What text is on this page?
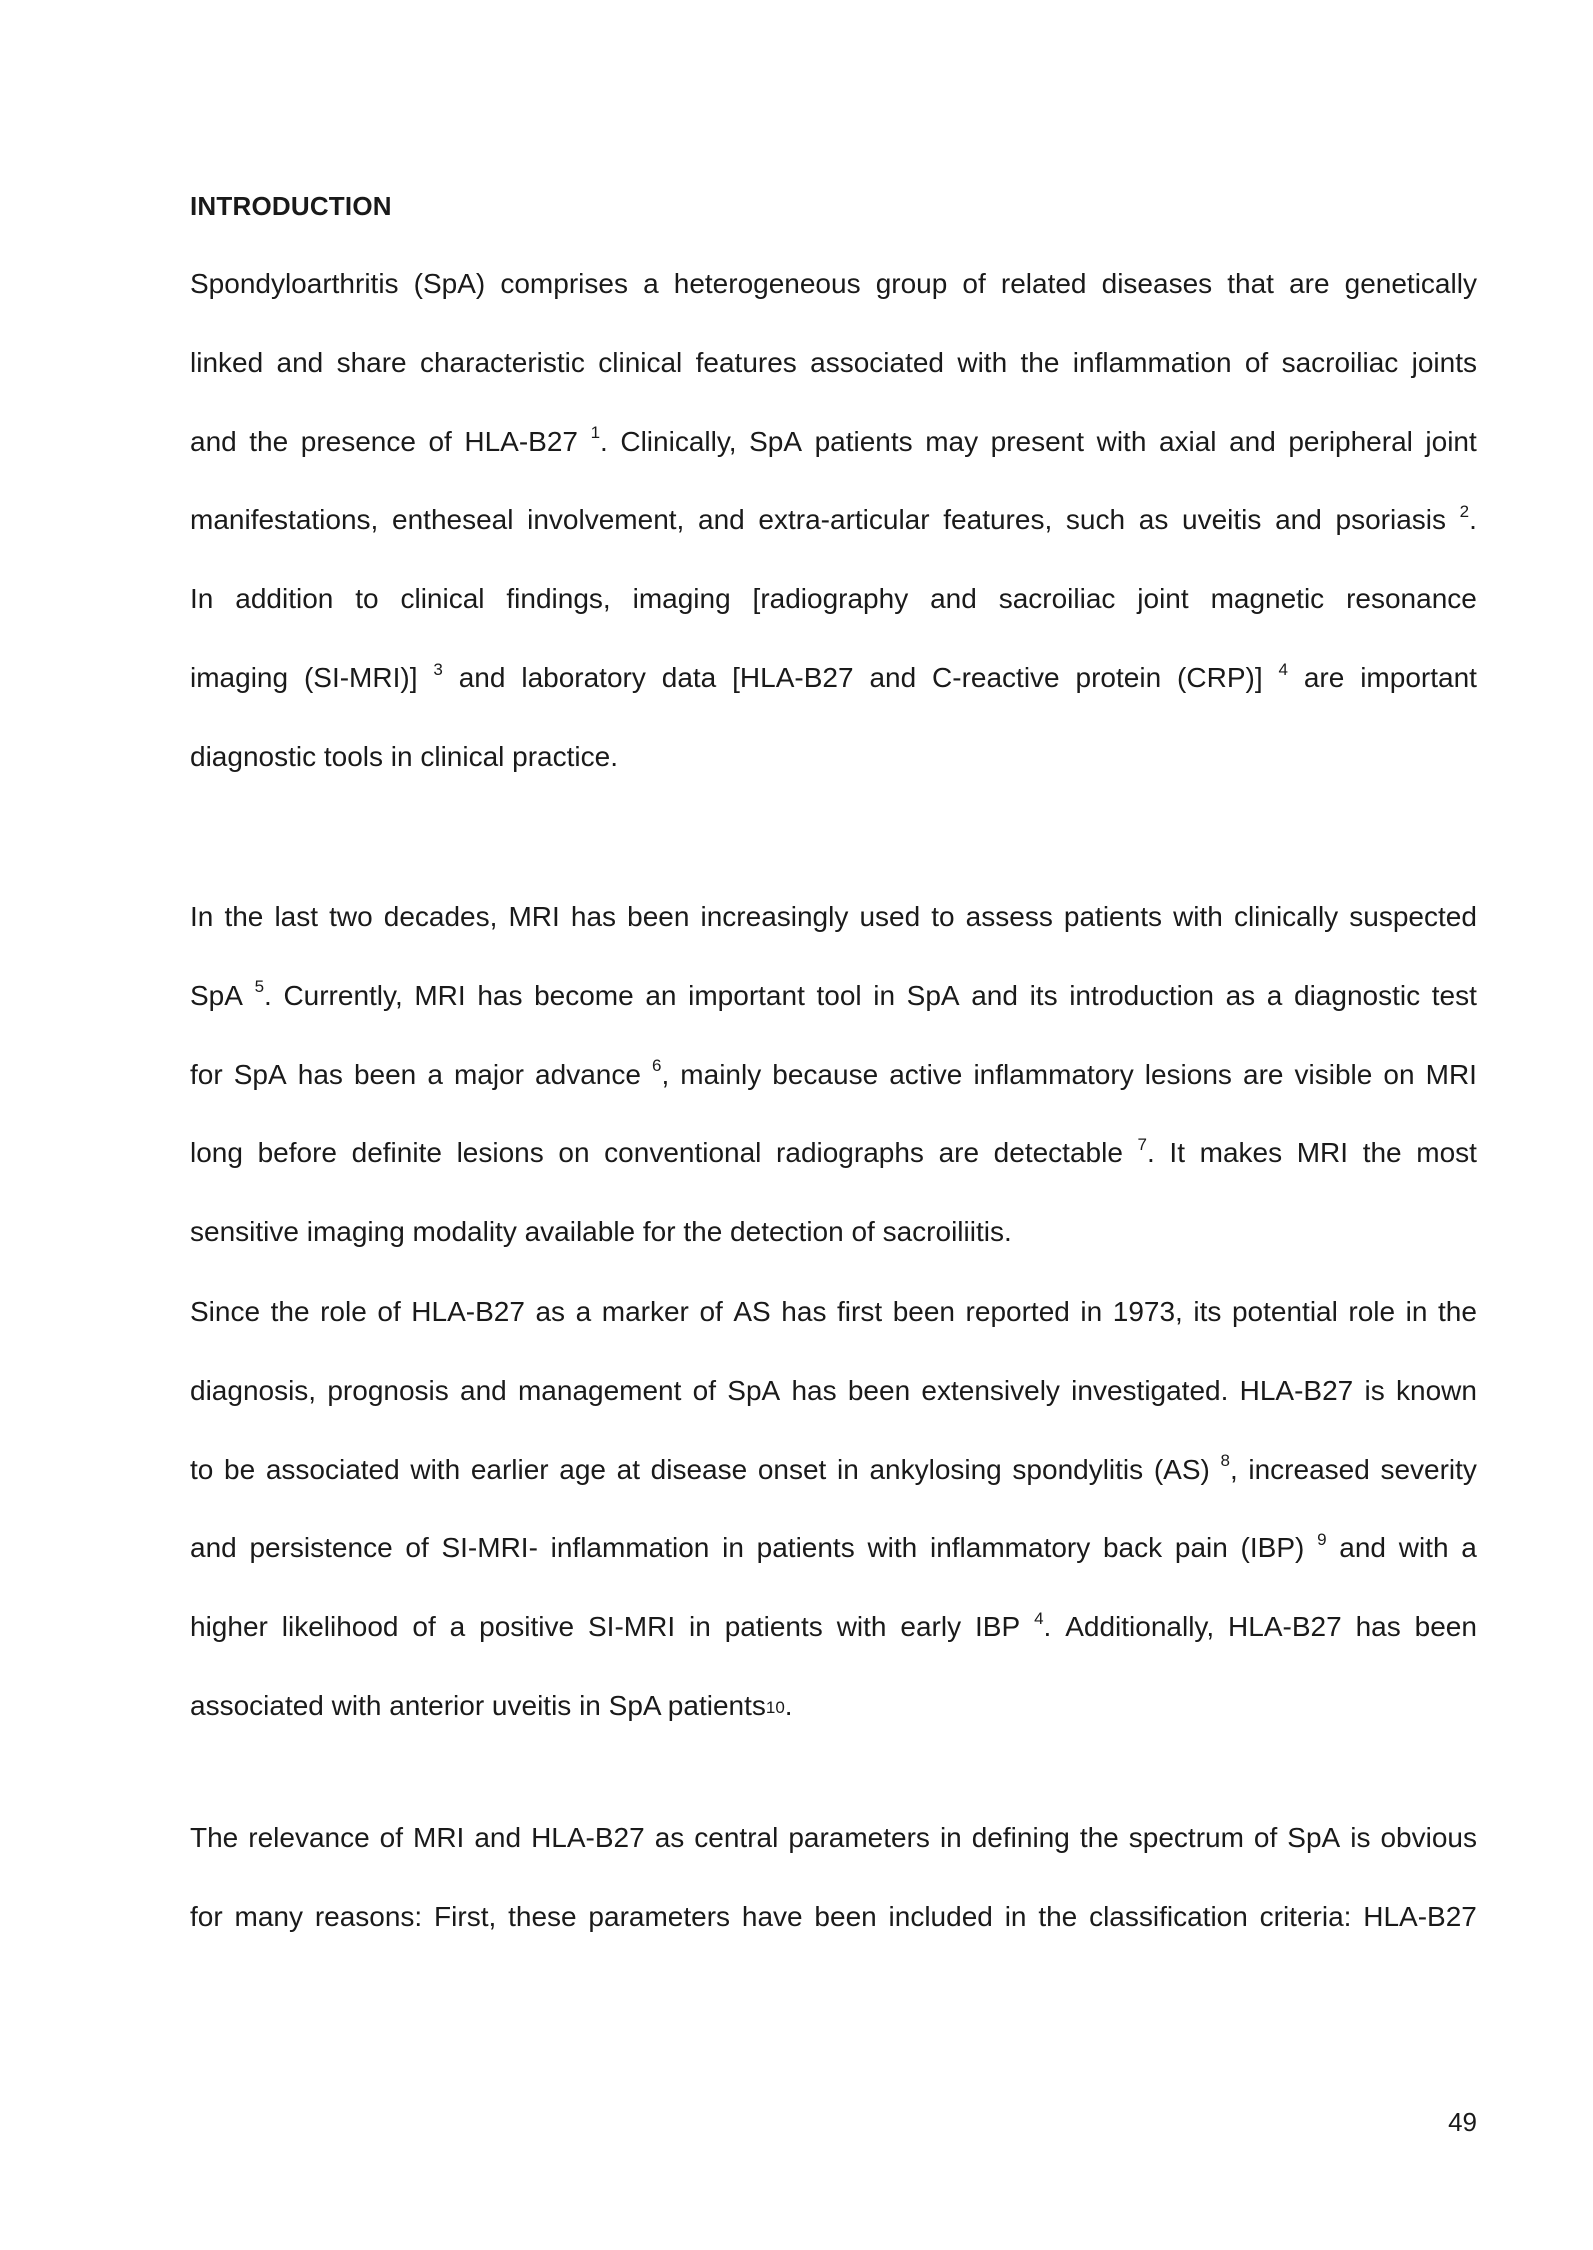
INTRODUCTION
Spondyloarthritis (SpA) comprises a heterogeneous group of related diseases that are genetically
linked and share characteristic clinical features associated with the inflammation of sacroiliac joints
and the presence of HLA-B27 $^1$. Clinically, SpA patients may present with axial and peripheral joint
manifestations, entheseal involvement, and extra-articular features, such as uveitis and psoriasis $^2$.
In addition to clinical findings, imaging [radiography and sacroiliac joint magnetic resonance
imaging (SI-MRI)] $^3$ and laboratory data [HLA-B27 and C-reactive protein (CRP)] $^4$ are important
diagnostic tools in clinical practice.
In the last two decades, MRI has been increasingly used to assess patients with clinically suspected
SpA $^5$. Currently, MRI has become an important tool in SpA and its introduction as a diagnostic test
for SpA has been a major advance $^6$, mainly because active inflammatory lesions are visible on MRI
long before definite lesions on conventional radiographs are detectable $^7$. It makes MRI the most
sensitive imaging modality available for the detection of sacroiliitis.
Since the role of HLA-B27 as a marker of AS has first been reported in 1973, its potential role in the
diagnosis, prognosis and management of SpA has been extensively investigated. HLA-B27 is known
to be associated with earlier age at disease onset in ankylosing spondylitis (AS) $^8$, increased severity
and persistence of SI-MRI- inflammation in patients with inflammatory back pain (IBP) $^9$ and with a
higher likelihood of a positive SI-MRI in patients with early IBP $^4$. Additionally, HLA-B27 has been
associated with anterior uveitis in SpA patients $^{10}$ .
The relevance of MRI and HLA-B27 as central parameters in defining the spectrum of SpA is obvious
for many reasons: First, these parameters have been included in the classification criteria: HLA-B27
49
